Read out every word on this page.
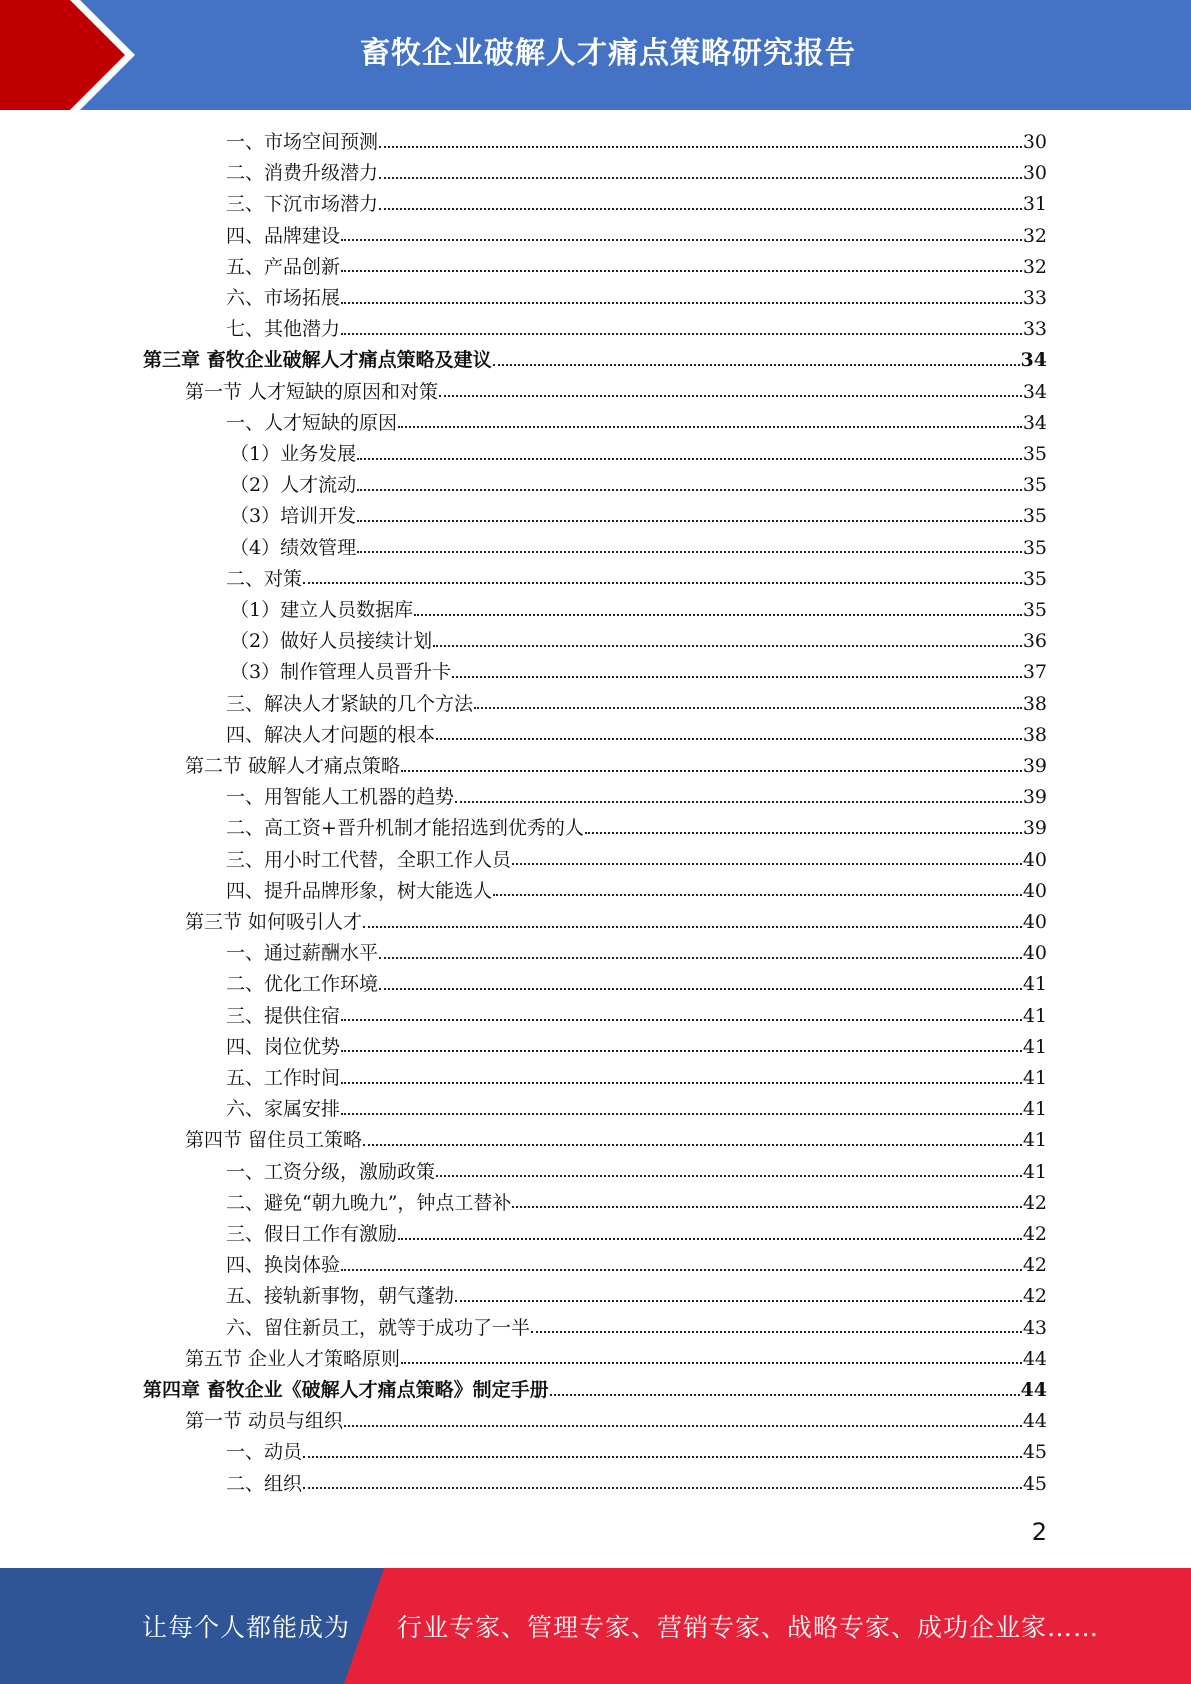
畜牧企业破解人才痛点策略研究报告
一、市场空间预测	30
二、消费升级潜力	30
三、下沉市场潜力	31
四、品牌建设	32
五、产品创新	32
六、市场拓展	33
七、其他潜力	33
第三章 畜牧企业破解人才痛点策略及建议	34
第一节 人才短缺的原因和对策	34
一、人才短缺的原因	34
（1）业务发展	35
（2）人才流动	35
（3）培训开发	35
（4）绩效管理	35
二、对策	35
（1）建立人员数据库	35
（2）做好人员接续计划	36
（3）制作管理人员晋升卡	37
三、解决人才紧缺的几个方法	38
四、解决人才问题的根本	38
第二节 破解人才痛点策略	39
一、用智能人工机器的趋势	39
二、高工资+晋升机制才能招选到优秀的人	39
三、用小时工代替，全职工作人员	40
四、提升品牌形象，树大能选人	40
第三节 如何吸引人才	40
一、通过薪酬水平	40
二、优化工作环境	41
三、提供住宿	41
四、岗位优势	41
五、工作时间	41
六、家属安排	41
第四节 留住员工策略	41
一、工资分级，激励政策	41
二、避免“朝九晚九”，钟点工替补	42
三、假日工作有激励	42
四、换岗体验	42
五、接轨新事物，朝气蓬勃	42
六、留住新员工，就等于成功了一半	43
第五节 企业人才策略原则	44
第四章 畜牧企业《破解人才痛点策略》制定手册	44
第一节 动员与组织	44
一、动员	45
二、组织	45
2
让每个人都能成为 行业专家、管理专家、营销专家、战略专家、成功企业家……
